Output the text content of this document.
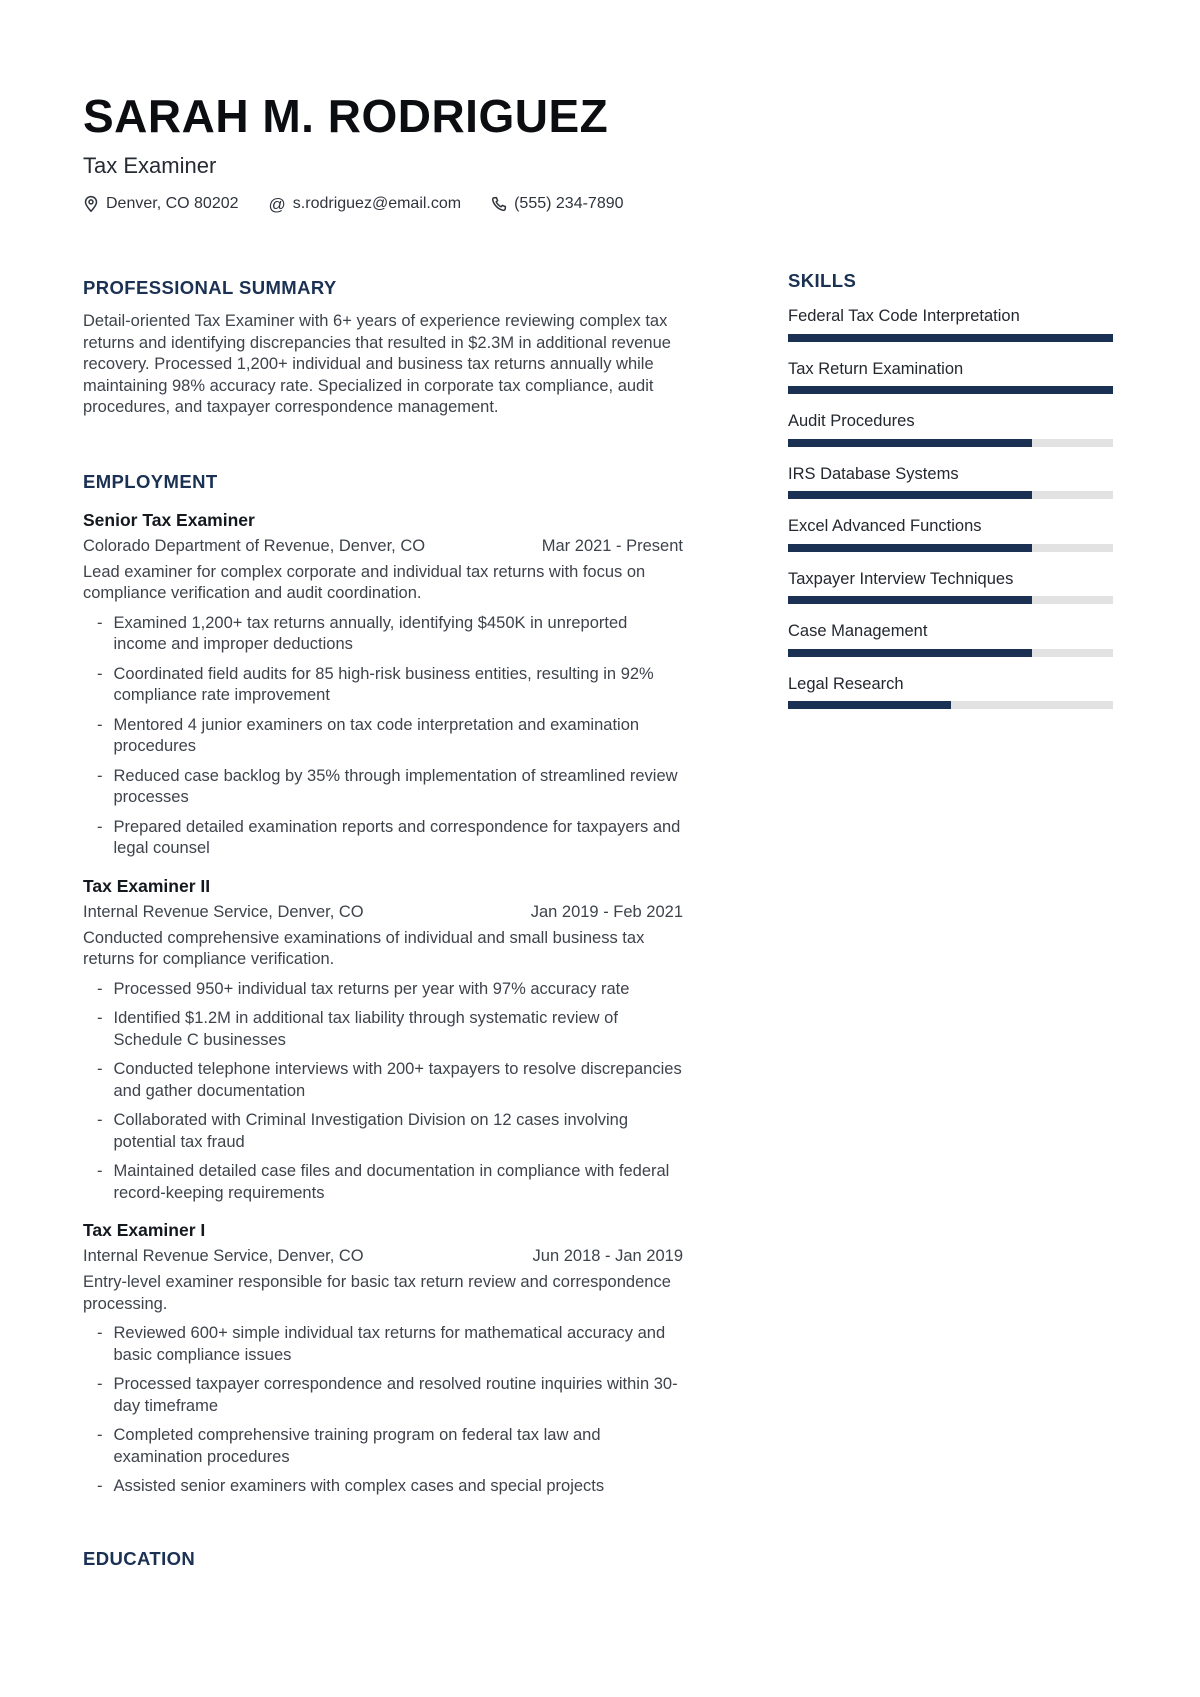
SARAH M. RODRIGUEZ
Tax Examiner
Denver, CO 80202 @ s.rodriguez@email.com	(555) 234-7890
PROFESSIONAL SUMMARY
Detail-oriented Tax Examiner with 6+ years of experience reviewing complex tax returns and identifying discrepancies that resulted in $2.3M in additional revenue recovery. Processed 1,200+ individual and business tax returns annually while maintaining 98% accuracy rate. Specialized in corporate tax compliance, audit procedures, and taxpayer correspondence management.
EMPLOYMENT
Senior Tax Examiner
Colorado Department of Revenue, Denver, CO	Mar 2021 - Present
Lead examiner for complex corporate and individual tax returns with focus on compliance verification and audit coordination.
- Examined 1,200+ tax returns annually, identifying $450K in unreported income and improper deductions
- Coordinated field audits for 85 high-risk business entities, resulting in 92% compliance rate improvement
- Mentored 4 junior examiners on tax code interpretation and examination procedures
- Reduced case backlog by 35% through implementation of streamlined review processes
- Prepared detailed examination reports and correspondence for taxpayers and legal counsel
Tax Examiner II
Internal Revenue Service, Denver, CO	Jan 2019 - Feb 2021
Conducted comprehensive examinations of individual and small business tax returns for compliance verification.
- Processed 950+ individual tax returns per year with 97% accuracy rate
- Identified $1.2M in additional tax liability through systematic review of Schedule C businesses
- Conducted telephone interviews with 200+ taxpayers to resolve discrepancies and gather documentation
- Collaborated with Criminal Investigation Division on 12 cases involving potential tax fraud
- Maintained detailed case files and documentation in compliance with federal record-keeping requirements
Tax Examiner I
Internal Revenue Service, Denver, CO	Jun 2018 - Jan 2019
Entry-level examiner responsible for basic tax return review and correspondence processing.
- Reviewed 600+ simple individual tax returns for mathematical accuracy and basic compliance issues
- Processed taxpayer correspondence and resolved routine inquiries within 30-day timeframe
- Completed comprehensive training program on federal tax law and examination procedures
- Assisted senior examiners with complex cases and special projects
EDUCATION
SKILLS
Federal Tax Code Interpretation
Tax Return Examination
Audit Procedures
IRS Database Systems
Excel Advanced Functions
Taxpayer Interview Techniques
Case Management
Legal Research
